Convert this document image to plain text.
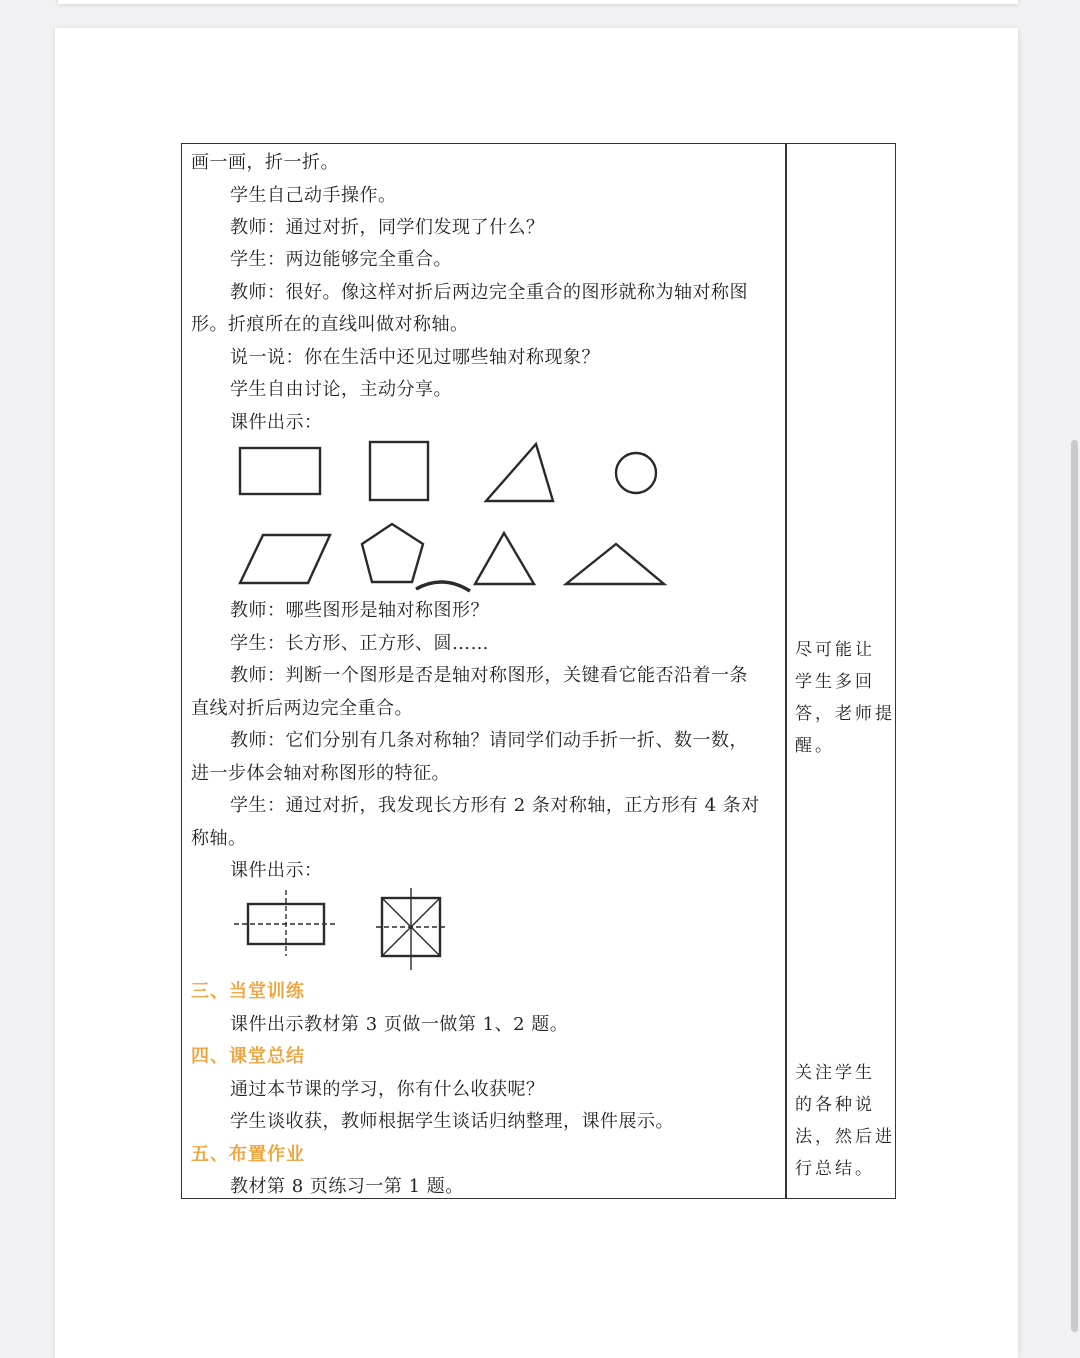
画一画，折一折。
学生自己动手操作。
教师：通过对折，同学们发现了什么？
学生：两边能够完全重合。
教师：很好。像这样对折后两边完全重合的图形就称为轴对称图
形。折痕所在的直线叫做对称轴。
说一说：你在生活中还见过哪些轴对称现象？
学生自由讨论，主动分享。
课件出示：
教师：哪些图形是轴对称图形？
学生：长方形、正方形、圆……
教师：判断一个图形是否是轴对称图形，关键看它能否沿着一条
直线对折后两边完全重合。
教师：它们分别有几条对称轴？请同学们动手折一折、数一数，
进一步体会轴对称图形的特征。
学生：通过对折，我发现长方形有 2 条对称轴，正方形有 4 条对
称轴。
课件出示：
三、当堂训练
课件出示教材第 3 页做一做第 1、2 题。
四、课堂总结
通过本节课的学习，你有什么收获呢？
学生谈收获，教师根据学生谈话归纳整理，课件展示。
五、布置作业
教材第 8 页练习一第 1 题。
尽可能让
学生多回
答，老师提
醒。
关注学生
的各种说
法，然后进
行总结。
